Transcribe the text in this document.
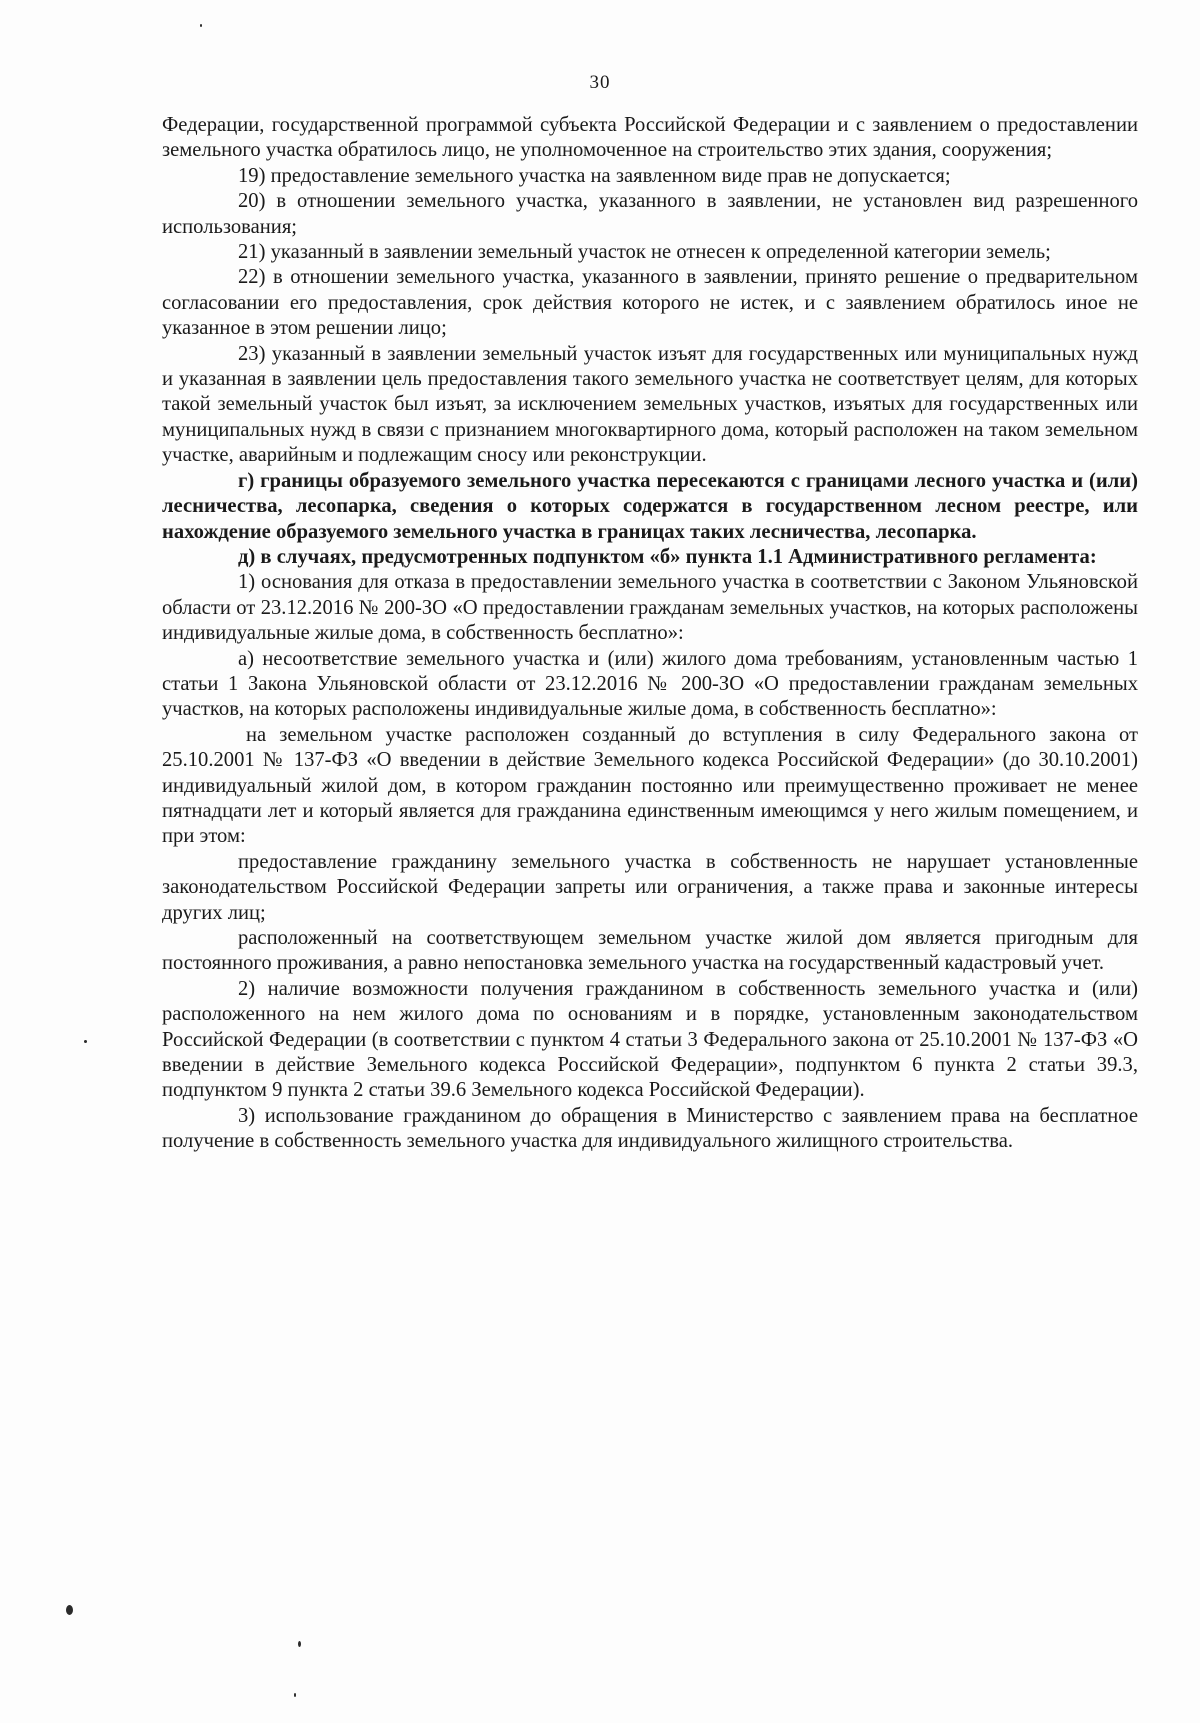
30

Федерации, государственной программой субъекта Российской Федерации и с заявлением о предоставлении земельного участка обратилось лицо, не уполномоченное на строительство этих здания, сооружения;

19) предоставление земельного участка на заявленном виде прав не допускается;

20) в отношении земельного участка, указанного в заявлении, не установлен вид разрешенного использования;

21) указанный в заявлении земельный участок не отнесен к определенной категории земель;

22) в отношении земельного участка, указанного в заявлении, принято решение о предварительном согласовании его предоставления, срок действия которого не истек, и с заявлением обратилось иное не указанное в этом решении лицо;

23) указанный в заявлении земельный участок изъят для государственных или муниципальных нужд и указанная в заявлении цель предоставления такого земельного участка не соответствует целям, для которых такой земельный участок был изъят, за исключением земельных участков, изъятых для государственных или муниципальных нужд в связи с признанием многоквартирного дома, который расположен на таком земельном участке, аварийным и подлежащим сносу или реконструкции.

г) границы образуемого земельного участка пересекаются с границами лесного участка и (или) лесничества, лесопарка, сведения о которых содержатся в государственном лесном реестре, или нахождение образуемого земельного участка в границах таких лесничества, лесопарка.

д) в случаях, предусмотренных подпунктом «б» пункта 1.1 Административного регламента:

1) основания для отказа в предоставлении земельного участка в соответствии с Законом Ульяновской области от 23.12.2016 № 200-ЗО «О предоставлении гражданам земельных участков, на которых расположены индивидуальные жилые дома, в собственность бесплатно»:

а) несоответствие земельного участка и (или) жилого дома требованиям, установленным частью 1 статьи 1 Закона Ульяновской области от 23.12.2016 № 200-ЗО «О предоставлении гражданам земельных участков, на которых расположены индивидуальные жилые дома, в собственность бесплатно»:

на земельном участке расположен созданный до вступления в силу Федерального закона от 25.10.2001 № 137-ФЗ «О введении в действие Земельного кодекса Российской Федерации» (до 30.10.2001) индивидуальный жилой дом, в котором гражданин постоянно или преимущественно проживает не менее пятнадцати лет и который является для гражданина единственным имеющимся у него жилым помещением, и при этом:

предоставление гражданину земельного участка в собственность не нарушает установленные законодательством Российской Федерации запреты или ограничения, а также права и законные интересы других лиц;

расположенный на соответствующем земельном участке жилой дом является пригодным для постоянного проживания, а равно непостановка земельного участка на государственный кадастровый учет.

2) наличие возможности получения гражданином в собственность земельного участка и (или) расположенного на нем жилого дома по основаниям и в порядке, установленным законодательством Российской Федерации (в соответствии с пунктом 4 статьи 3 Федерального закона от 25.10.2001 № 137-ФЗ «О введении в действие Земельного кодекса Российской Федерации», подпунктом 6 пункта 2 статьи 39.3, подпунктом 9 пункта 2 статьи 39.6 Земельного кодекса Российской Федерации).

3) использование гражданином до обращения в Министерство с заявлением права на бесплатное получение в собственность земельного участка для индивидуального жилищного строительства.
